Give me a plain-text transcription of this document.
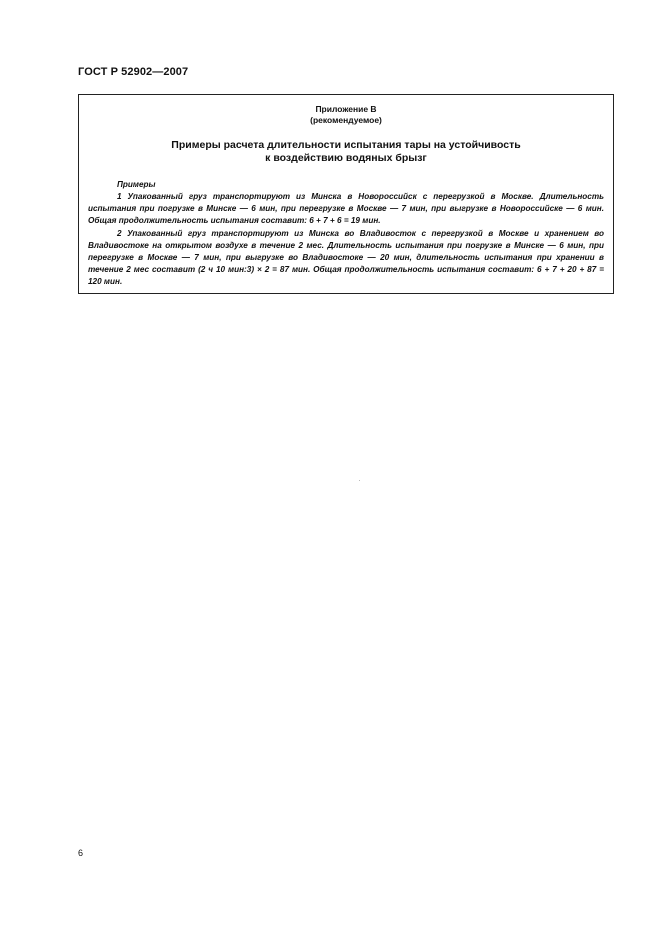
ГОСТ Р 52902—2007
Приложение В
(рекомендуемое)
Примеры расчета длительности испытания тары на устойчивость
к воздействию водяных брызг
Примеры
1 Упакованный груз транспортируют из Минска в Новороссийск с перегрузкой в Москве. Длительность испытания при погрузке в Минске — 6 мин, при перегрузке в Москве — 7 мин, при выгрузке в Новороссийске — 6 мин. Общая продолжительность испытания составит: 6 + 7 + 6 = 19 мин.
2 Упакованный груз транспортируют из Минска во Владивосток с перегрузкой в Москве и хранением во Владивостоке на открытом воздухе в течение 2 мес. Длительность испытания при погрузке в Минске — 6 мин, при перегрузке в Москве — 7 мин, при выгрузке во Владивостоке — 20 мин, длительность испытания при хранении в течение 2 мес составит (2 ч 10 мин:3) × 2 = 87 мин. Общая продолжительность испытания составит: 6 + 7 + 20 + 87 = 120 мин.
6
